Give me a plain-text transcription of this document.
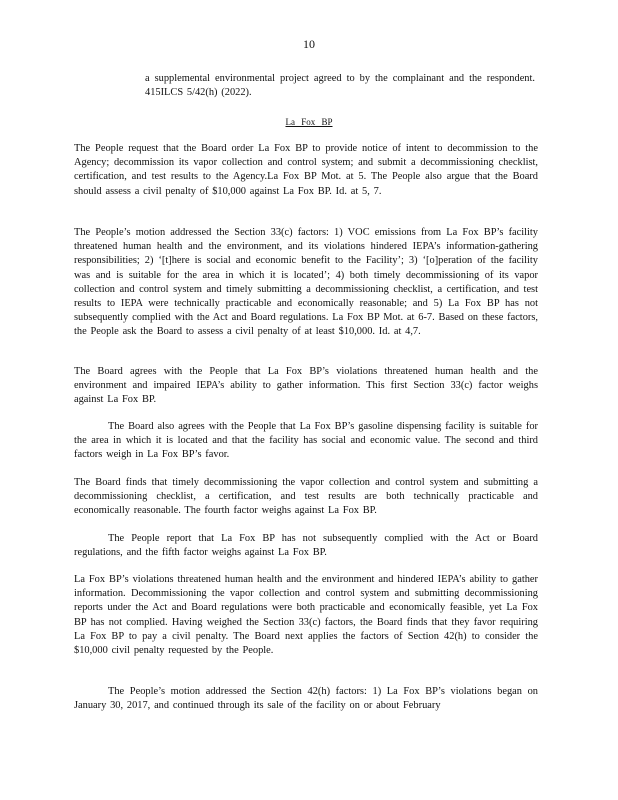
10
a supplemental environmental project agreed to by the complainant and the respondent. 415ILCS 5/42(h) (2022).
La Fox BP
The People request that the Board order La Fox BP to provide notice of intent to decommission to the Agency; decommission its vapor collection and control system; and submit a decommissioning checklist, certification, and test results to the Agency.La Fox BP Mot. at 5. The People also argue that the Board should assess a civil penalty of $10,000 against La Fox BP. Id. at 5, 7.
The People’s motion addressed the Section 33(c) factors: 1) VOC emissions from La Fox BP’s facility threatened human health and the environment, and its violations hindered IEPA’s information-gathering responsibilities; 2) ‘[t]here is social and economic benefit to the Facility’; 3) ‘[o]peration of the facility was and is suitable for the area in which it is located’; 4) both timely decommissioning of its vapor collection and control system and timely submitting a decommissioning checklist, a certification, and test results to IEPA were technically practicable and economically reasonable; and 5) La Fox BP has not subsequently complied with the Act and Board regulations. La Fox BP Mot. at 6-7. Based on these factors, the People ask the Board to assess a civil penalty of at least $10,000. Id. at 4,7.
The Board agrees with the People that La Fox BP’s violations threatened human health and the environment and impaired IEPA’s ability to gather information. This first Section 33(c) factor weighs against La Fox BP.
The Board also agrees with the People that La Fox BP’s gasoline dispensing facility is suitable for the area in which it is located and that the facility has social and economic value. The second and third factors weigh in La Fox BP’s favor.
The Board finds that timely decommissioning the vapor collection and control system and submitting a decommissioning checklist, a certification, and test results are both technically practicable and economically reasonable. The fourth factor weighs against La Fox BP.
The People report that La Fox BP has not subsequently complied with the Act or Board regulations, and the fifth factor weighs against La Fox BP.
La Fox BP’s violations threatened human health and the environment and hindered IEPA’s ability to gather information. Decommissioning the vapor collection and control system and submitting decommissioning reports under the Act and Board regulations were both practicable and economically feasible, yet La Fox BP has not complied. Having weighed the Section 33(c) factors, the Board finds that they favor requiring La Fox BP to pay a civil penalty. The Board next applies the factors of Section 42(h) to consider the $10,000 civil penalty requested by the People.
The People’s motion addressed the Section 42(h) factors: 1) La Fox BP’s violations began on January 30, 2017, and continued through its sale of the facility on or about February
